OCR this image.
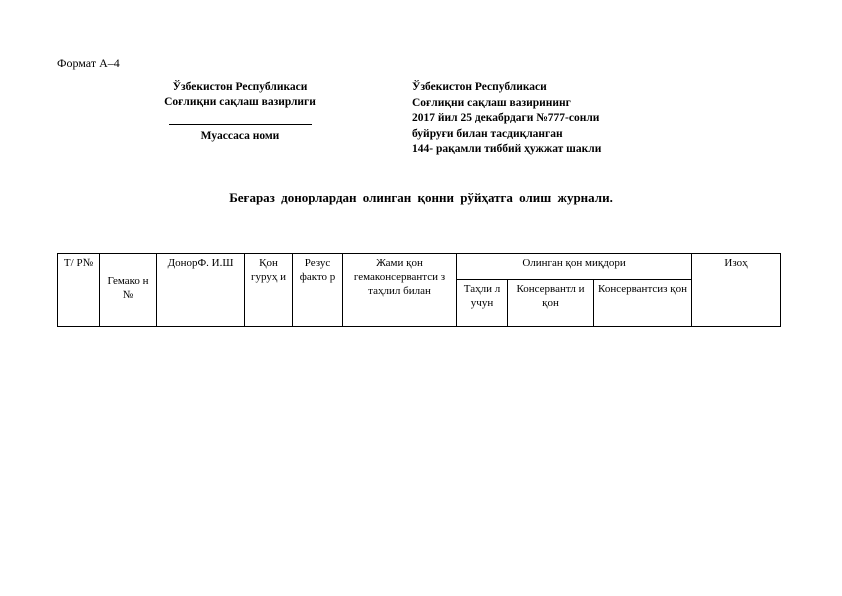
Формат А–4
Ўзбекистон Республикаси
Соғлиқни сақлаш вазирлиги
Муассаса номи
Ўзбекистон Республикаси
Соғлиқни сақлаш вазирининг
2017 йил 25 декабрдаги №777-сонли
буйруғи билан тасдиқланган
144- рақамли тиббий ҳужжат шакли
Беғараз донорлардан олинган қонни рўйҳатга олиш журнали.
Т/ Р№	Гемако н №	ДонорФ. И.Ш	Қон гуруҳ и	Резус факто р	Жами қон гемаконсервантси з таҳлил билан	Олинган қон миқдори			Изоҳ
						Таҳли л учун	Консервантл и қон	Консервантсиз қон	
